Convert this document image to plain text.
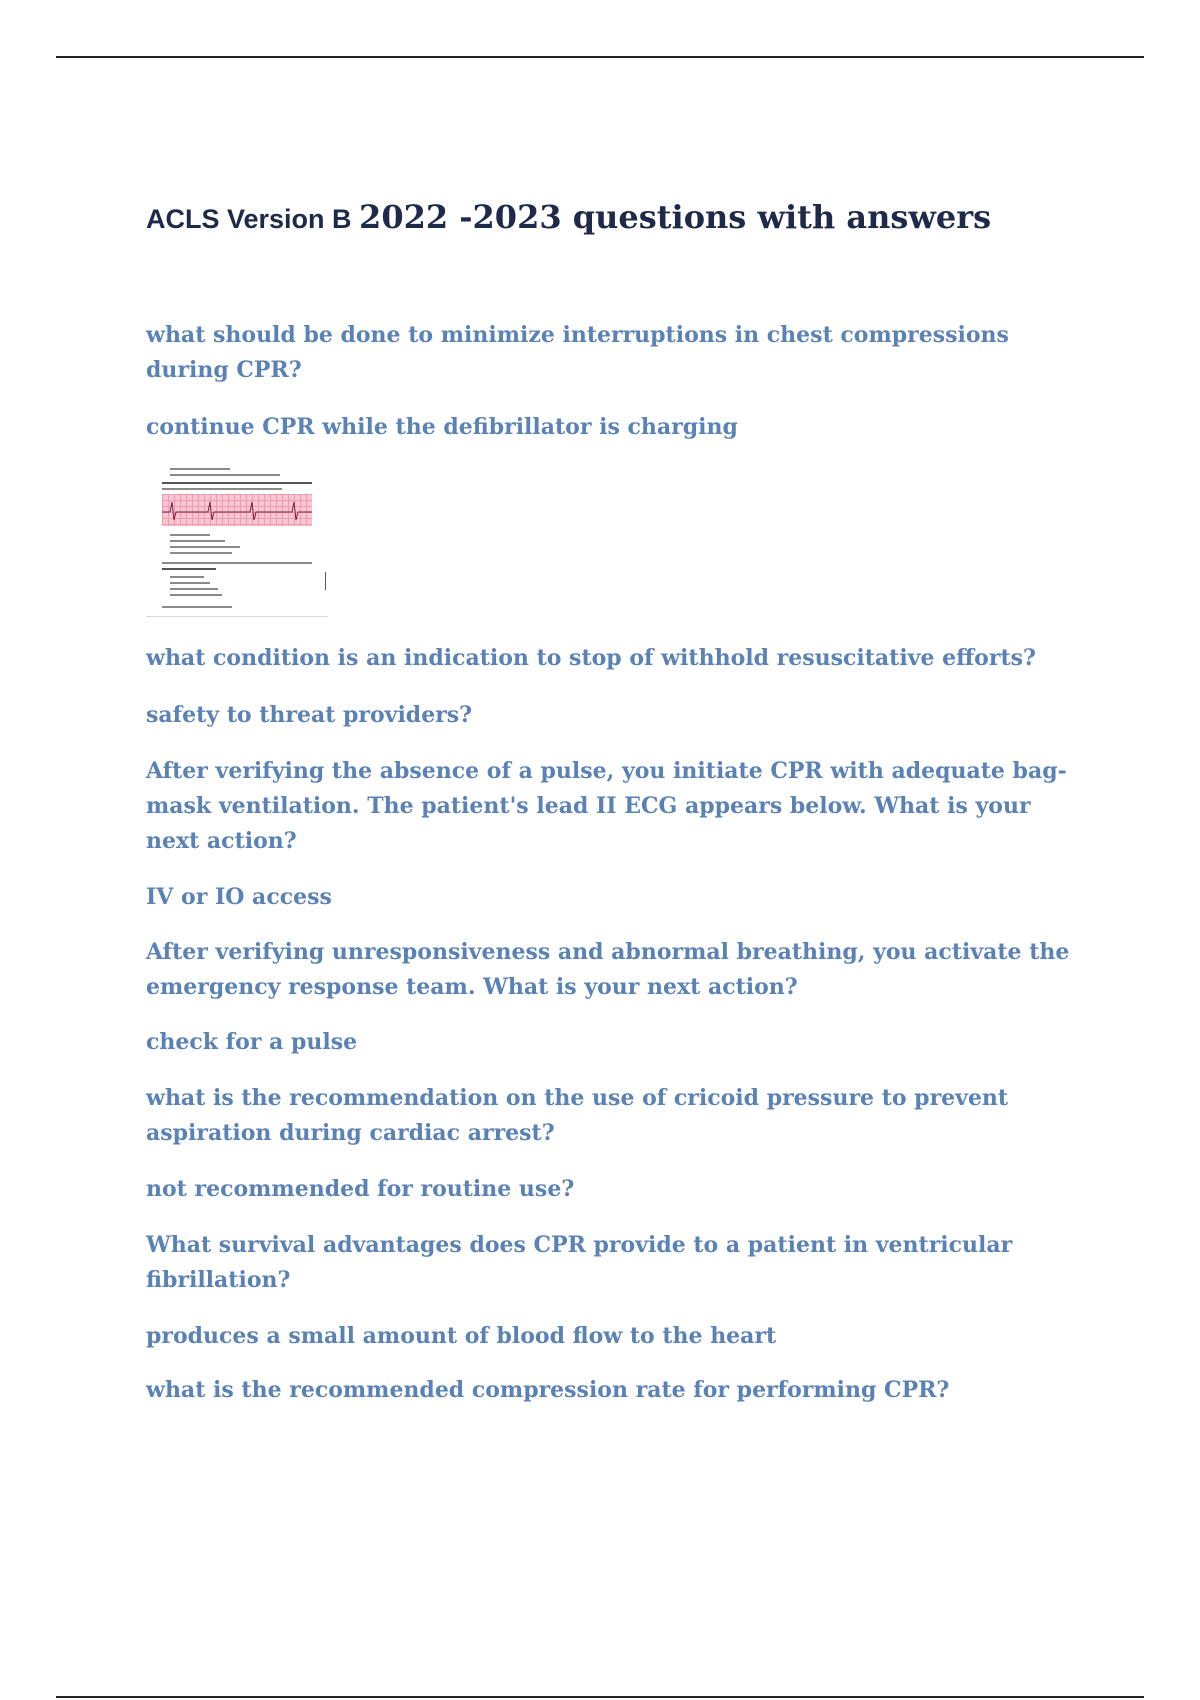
ACLS Version B 2022 -2023 questions with answers
what should be done to minimize interruptions in chest compressions during CPR?
continue CPR while the defibrillator is charging
what condition is an indication to stop of withhold resuscitative efforts?
safety to threat providers?
After verifying the absence of a pulse, you initiate CPR with adequate bag-mask ventilation. The patient's lead II ECG appears below. What is your next action?
IV or IO access
After verifying unresponsiveness and abnormal breathing, you activate the emergency response team. What is your next action?
check for a pulse
what is the recommendation on the use of cricoid pressure to prevent aspiration during cardiac arrest?
not recommended for routine use?
What survival advantages does CPR provide to a patient in ventricular fibrillation?
produces a small amount of blood flow to the heart
what is the recommended compression rate for performing CPR?
